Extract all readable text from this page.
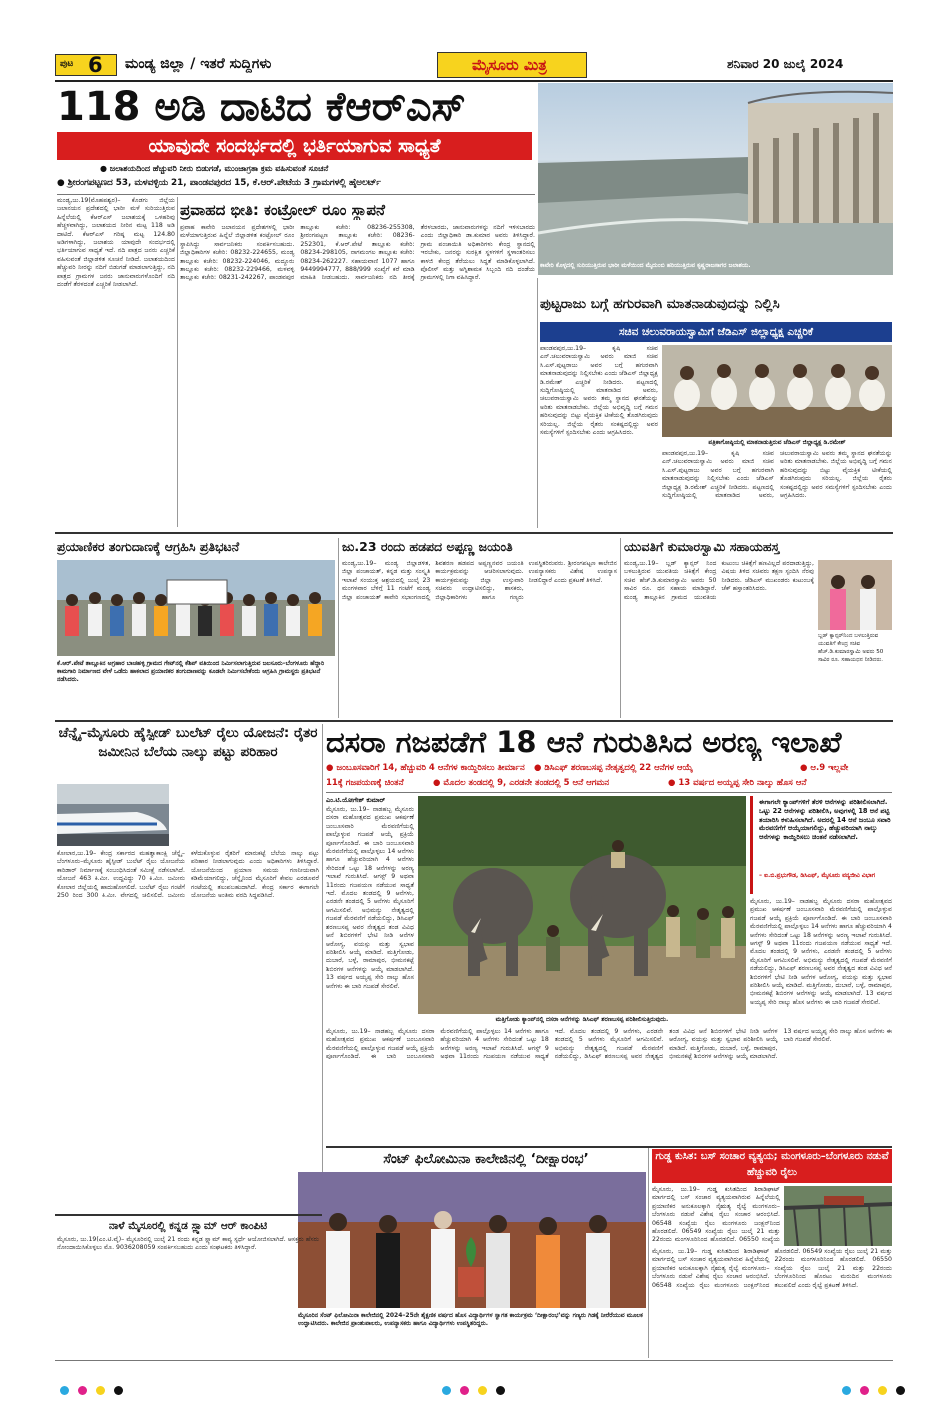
ಪುಟ 6 ಮಂಡ್ಯ ಜಿಲ್ಲಾ / ಇತರೆ ಸುದ್ದಿಗಳು	ಮೈಸೂರು ಮಿತ್ರ	ಶನಿವಾರ 20 ಜುಲೈ 2024
118 ಅಡಿ ದಾಟಿದ ಕೆಆರ್‌ಎಸ್
ಯಾವುದೇ ಸಂದರ್ಭದಲ್ಲಿ ಭರ್ತಿಯಾಗುವ ಸಾಧ್ಯತೆ
● ಜಲಾಶಯದಿಂದ ಹೆಚ್ಚುವರಿ ನೀರು ಬಿಡುಗಡೆ, ಮುಂಜಾಗ್ರತಾ ಕ್ರಮ ವಹಿಸುವಂತೆ ಸೂಚನೆ
● ಶ್ರೀರಂಗಪಟ್ಟಣದ 53, ಮಳವಳ್ಳಿಯ 21, ಪಾಂಡವಪುರದ 15, ಕೆ.ಆರ್.ಪೇಟೆಯ 3 ಗ್ರಾಮಗಳಲ್ಲಿ ಹೈಅಲರ್ಟ್
ಕಾವೇರಿ ಕೊಳ್ಳದಲ್ಲಿ ಸುರಿಯುತ್ತಿರುವ ಭಾರೀ ಮಳೆಯಿಂದ ಮೈದುಂಬಿ ಹರಿಯುತ್ತಿರುವ ಕೃಷ್ಣರಾಜಸಾಗರ ಜಲಾಶಯ.
ಮಂಡ್ಯ,ಜು.19(ಮೊಹಪಶ್ವರ)– ಕೊಡಗು ಜಿಲ್ಲೆಯ ಜಲಾನಯನ ಪ್ರದೇಶದಲ್ಲಿ ಭಾರೀ ಮಳೆ ಸುರಿಯುತ್ತಿರುವ ಹಿನ್ನೆಲೆಯಲ್ಲಿ ಕೆಆರ್‌ಎಸ್ ಜಲಾಶಯಕ್ಕೆ ಒಳಹರಿವು ಹೆಚ್ಚಳವಾಗಿದ್ದು, ಜಲಾಶಯದ ನೀರಿನ ಮಟ್ಟ 118 ಅಡಿ ದಾಟಿದೆ. ಕೆಆರ್‌ಎಸ್ ಗರಿಷ್ಠ ಮಟ್ಟ 124.80 ಅಡಿಗಳಾಗಿದ್ದು, ಜಲಾಶಯ ಯಾವುದೇ ಸಂದರ್ಭದಲ್ಲಿ ಭರ್ತಿಯಾಗುವ ಸಾಧ್ಯತೆ ಇದೆ. ನದಿ ಪಾತ್ರದ ಜನರು ಎಚ್ಚರಿಕೆ ವಹಿಸುವಂತೆ ಜಿಲ್ಲಾಡಳಿತ ಸೂಚನೆ ನೀಡಿದೆ. ಜಲಾಶಯದಿಂದ ಹೆಚ್ಚುವರಿ ನೀರನ್ನು ನದಿಗೆ ಬಿಡುಗಡೆ ಮಾಡಲಾಗುತ್ತಿದ್ದು, ನದಿ ಪಾತ್ರದ ಗ್ರಾಮಗಳ ಜನರು ಜಾನುವಾರುಗಳೊಂದಿಗೆ ನದಿ ದಂಡೆಗೆ ತೆರಳದಂತೆ ಎಚ್ಚರಿಕೆ ನೀಡಲಾಗಿದೆ.
ಪ್ರವಾಹದ ಭೀತಿ: ಕಂಟ್ರೋಲ್ ರೂಂ ಸ್ಥಾಪನೆ
ಪ್ರವಾಹ ಕಾವೇರಿ ಜಲಾನಯನ ಪ್ರದೇಶಗಳಲ್ಲಿ ಭಾರೀ ಮಳೆಯಾಗುತ್ತಿರುವ ಹಿನ್ನೆಲೆ ಜಿಲ್ಲಾಡಳಿತ ಕಂಟ್ರೋಲ್ ರೂಂ ಸ್ಥಾಪಿಸಿದ್ದು ಸಾರ್ವಜನಿಕರು ಸಂಪರ್ಕಿಸಬಹುದು. ಜಿಲ್ಲಾಧಿಕಾರಿಗಳ ಕಚೇರಿ: 08232-224655, ಮಂಡ್ಯ ತಾಲ್ಲೂಕು ಕಚೇರಿ: 08232-224046, ಮದ್ದೂರು ತಾಲ್ಲೂಕು ಕಚೇರಿ: 08232-229466, ಮಳವಳ್ಳಿ ತಾಲ್ಲೂಕು ಕಚೇರಿ: 08231-242267, ಪಾಂಡವಪುರ ತಾಲ್ಲೂಕು ಕಚೇರಿ: 08236-255308, ಶ್ರೀರಂಗಪಟ್ಟಣ ತಾಲ್ಲೂಕು ಕಚೇರಿ: 08236-252301, ಕೆ.ಆರ್.ಪೇಟೆ ತಾಲ್ಲೂಕು ಕಚೇರಿ: 08234-298105, ನಾಗಮಂಗಲ ತಾಲ್ಲೂಕು ಕಚೇರಿ: 08234-262227. ಸಹಾಯವಾಣಿ 1077 ಹಾಗೂ 9449994777, 888/999 ಸಂಖ್ಯೆಗೆ ಕರೆ ಮಾಡಿ ಮಾಹಿತಿ ನೀಡಬಹುದು. ಸಾರ್ವಜನಿಕರು ನದಿ ತೀರಕ್ಕೆ ತೆರಳಬಾರದು, ಜಾನುವಾರುಗಳನ್ನು ನದಿಗೆ ಇಳಿಸಬಾರದು ಎಂದು ಜಿಲ್ಲಾಧಿಕಾರಿ ಡಾ.ಕುಮಾರ ಅವರು ತಿಳಿಸಿದ್ದಾರೆ. ಗ್ರಾಮ ಪಂಚಾಯಿತಿ ಅಧಿಕಾರಿಗಳು ಕೇಂದ್ರ ಸ್ಥಾನದಲ್ಲಿ ಇರಬೇಕು, ಜನರನ್ನು ಸುರಕ್ಷಿತ ಸ್ಥಳಗಳಿಗೆ ಸ್ಥಳಾಂತರಿಸಲು ಕಾಳಜಿ ಕೇಂದ್ರ ತೆರೆಯಲು ಸಿದ್ಧತೆ ಮಾಡಿಕೊಳ್ಳಲಾಗಿದೆ. ಪೊಲೀಸ್ ಮತ್ತು ಅಗ್ನಿಶಾಮಕ ಸಿಬ್ಬಂದಿ ನದಿ ದಂಡೆಯ ಗ್ರಾಮಗಳಲ್ಲಿ ನಿಗಾ ವಹಿಸಿದ್ದಾರೆ.
ಪುಟ್ಟರಾಜು ಬಗ್ಗೆ ಹಗುರವಾಗಿ ಮಾತನಾಡುವುದನ್ನು ನಿಲ್ಲಿಸಿ
ಸಚಿವ ಚಲುವರಾಯಸ್ವಾಮಿಗೆ ಜೆಡಿಎಸ್ ಜಿಲ್ಲಾಧ್ಯಕ್ಷ ಎಚ್ಚರಿಕೆ
ಪಾಂಡವಪುರ,ಜು.19– ಕೃಷಿ ಸಚಿವ ಎನ್.ಚಲುವರಾಯಸ್ವಾಮಿ ಅವರು ಮಾಜಿ ಸಚಿವ ಸಿ.ಎಸ್.ಪುಟ್ಟರಾಜು ಅವರ ಬಗ್ಗೆ ಹಗುರವಾಗಿ ಮಾತನಾಡುವುದನ್ನು ನಿಲ್ಲಿಸಬೇಕು ಎಂದು ಜೆಡಿಎಸ್ ಜಿಲ್ಲಾಧ್ಯಕ್ಷ ಡಿ.ರಮೇಶ್ ಎಚ್ಚರಿಕೆ ನೀಡಿದರು. ಪಟ್ಟಣದಲ್ಲಿ ಸುದ್ದಿಗೋಷ್ಠಿಯಲ್ಲಿ ಮಾತನಾಡಿದ ಅವರು, ಚಲುವರಾಯಸ್ವಾಮಿ ಅವರು ತಮ್ಮ ಸ್ಥಾನದ ಘನತೆಯನ್ನು ಅರಿತು ಮಾತನಾಡಬೇಕು. ಜಿಲ್ಲೆಯ ಅಭಿವೃದ್ಧಿ ಬಗ್ಗೆ ಗಮನ ಹರಿಸುವುದನ್ನು ಬಿಟ್ಟು ವೈಯಕ್ತಿಕ ಟೀಕೆಯಲ್ಲಿ ತೊಡಗಿರುವುದು ಸರಿಯಲ್ಲ. ಜಿಲ್ಲೆಯ ರೈತರು ಸಂಕಷ್ಟದಲ್ಲಿದ್ದು ಅವರ ಸಮಸ್ಯೆಗಳಿಗೆ ಸ್ಪಂದಿಸಬೇಕು ಎಂದು ಆಗ್ರಹಿಸಿದರು.
ಪತ್ರಿಕಾಗೋಷ್ಠಿಯಲ್ಲಿ ಮಾತನಾಡುತ್ತಿರುವ ಜೆಡಿಎಸ್ ಜಿಲ್ಲಾಧ್ಯಕ್ಷ ಡಿ.ರಮೇಶ್
ಪಾಂಡವಪುರ,ಜು.19– ಕೃಷಿ ಸಚಿವ ಎನ್.ಚಲುವರಾಯಸ್ವಾಮಿ ಅವರು ಮಾಜಿ ಸಚಿವ ಸಿ.ಎಸ್.ಪುಟ್ಟರಾಜು ಅವರ ಬಗ್ಗೆ ಹಗುರವಾಗಿ ಮಾತನಾಡುವುದನ್ನು ನಿಲ್ಲಿಸಬೇಕು ಎಂದು ಜೆಡಿಎಸ್ ಜಿಲ್ಲಾಧ್ಯಕ್ಷ ಡಿ.ರಮೇಶ್ ಎಚ್ಚರಿಕೆ ನೀಡಿದರು. ಪಟ್ಟಣದಲ್ಲಿ ಸುದ್ದಿಗೋಷ್ಠಿಯಲ್ಲಿ ಮಾತನಾಡಿದ ಅವರು, ಚಲುವರಾಯಸ್ವಾಮಿ ಅವರು ತಮ್ಮ ಸ್ಥಾನದ ಘನತೆಯನ್ನು ಅರಿತು ಮಾತನಾಡಬೇಕು. ಜಿಲ್ಲೆಯ ಅಭಿವೃದ್ಧಿ ಬಗ್ಗೆ ಗಮನ ಹರಿಸುವುದನ್ನು ಬಿಟ್ಟು ವೈಯಕ್ತಿಕ ಟೀಕೆಯಲ್ಲಿ ತೊಡಗಿರುವುದು ಸರಿಯಲ್ಲ. ಜಿಲ್ಲೆಯ ರೈತರು ಸಂಕಷ್ಟದಲ್ಲಿದ್ದು ಅವರ ಸಮಸ್ಯೆಗಳಿಗೆ ಸ್ಪಂದಿಸಬೇಕು ಎಂದು ಆಗ್ರಹಿಸಿದರು.
ಪ್ರಯಾಣಿಕರ ತಂಗುದಾಣಕ್ಕೆ ಆಗ್ರಹಿಸಿ ಪ್ರತಿಭಟನೆ
ಕೆ.ಆರ್.ಪೇಟೆ ತಾಲ್ಲೂಕಿನ ಅಗ್ರಹಾರ ಬಾಚಹಳ್ಳಿ ಗ್ರಾಮದ ಗೇಟ್‌ನಲ್ಲಿ ಕೆಶಿಪ್ ವತಿಯಿಂದ ನಿರ್ಮಿಸಲಾಗುತ್ತಿರುವ ಜಲಸೂರು–ಬೆಂಗಳೂರು ಹೆದ್ದಾರಿ ಕಾಮಗಾರಿ ನಿರ್ಮಾಣದ ವೇಳೆ ಒಡೆದು ಹಾಕಲಾದ ಪ್ರಯಾಣಿಕರ ತಂಗುದಾಣವನ್ನು ಕೂಡಲೇ ನಿರ್ಮಿಸಬೇಕೆಂದು ಆಗ್ರಹಿಸಿ ಗ್ರಾಮಸ್ಥರು ಪ್ರತಿಭಟನೆ ನಡೆಸಿದರು.
ಜು.23 ರಂದು ಹಡಪದ ಅಪ್ಪಣ್ಣ ಜಯಂತಿ
ಮಂಡ್ಯ,ಜು.19– ಮಂಡ್ಯ ಜಿಲ್ಲಾಡಳಿತ, ಜಿಲ್ಲಾ ಪಂಚಾಯತ್, ಕನ್ನಡ ಮತ್ತು ಸಂಸ್ಕೃತಿ ಇಲಾಖೆ ಸಂಯುಕ್ತ ಆಶ್ರಯದಲ್ಲಿ ಜುಲೈ 23 ಮಂಗಳವಾರ ಬೆಳಿಗ್ಗೆ 11 ಗಂಟೆಗೆ ಮಂಡ್ಯ ಜಿಲ್ಲಾ ಪಂಚಾಯತ್ ಕಾವೇರಿ ಸಭಾಂಗಣದಲ್ಲಿ ಶಿವಶರಣ ಹಡಪದ ಅಪ್ಪಣ್ಣನವರ ಜಯಂತಿ ಕಾರ್ಯಕ್ರಮವನ್ನು ಆಚರಿಸಲಾಗುವುದು. ಕಾರ್ಯಕ್ರಮವನ್ನು ಜಿಲ್ಲಾ ಉಸ್ತುವಾರಿ ಸಚಿವರು ಉದ್ಘಾಟಿಸಲಿದ್ದು, ಶಾಸಕರು, ಜಿಲ್ಲಾಧಿಕಾರಿಗಳು ಹಾಗೂ ಗಣ್ಯರು ಉಪಸ್ಥಿತರಿರುವರು. ಶ್ರೀರಂಗಪಟ್ಟಣ ಕಾಲೇಜಿನ ಉಪನ್ಯಾಸಕರು ವಿಶೇಷ ಉಪನ್ಯಾಸ ನೀಡಲಿದ್ದಾರೆ ಎಂದು ಪ್ರಕಟಣೆ ತಿಳಿಸಿದೆ.
ಯುವತಿಗೆ ಕುಮಾರಸ್ವಾಮಿ ಸಹಾಯಹಸ್ತ
ಮಂಡ್ಯ,ಜು.19– ಬ್ಲಡ್ ಕ್ಯಾನ್ಸರ್ ನಿಂದ ಬಳಲುತ್ತಿರುವ ಯುವತಿಯ ಚಿಕಿತ್ಸೆಗೆ ಕೇಂದ್ರ ಸಚಿವ ಹೆಚ್.ಡಿ.ಕುಮಾರಸ್ವಾಮಿ ಅವರು 50 ಸಾವಿರ ರೂ. ಧನ ಸಹಾಯ ಮಾಡಿದ್ದಾರೆ. ಮಂಡ್ಯ ತಾಲ್ಲೂಕಿನ ಗ್ರಾಮದ ಯುವತಿಯ ಕುಟುಂಬ ಚಿಕಿತ್ಸೆಗೆ ಹಣವಿಲ್ಲದೆ ಪರದಾಡುತ್ತಿದ್ದು, ವಿಷಯ ತಿಳಿದ ಸಚಿವರು ತಕ್ಷಣ ಸ್ಪಂದಿಸಿ ನೆರವು ನೀಡಿದರು. ಜೆಡಿಎಸ್ ಮುಖಂಡರು ಕುಟುಂಬಕ್ಕೆ ಚೆಕ್ ಹಸ್ತಾಂತರಿಸಿದರು.
ಬ್ಲಡ್ ಕ್ಯಾನ್ಸರ್‌ನಿಂದ ಬಳಲುತ್ತಿರುವ ಯುವತಿಗೆ ಕೇಂದ್ರ ಸಚಿವ ಹೆಚ್.ಡಿ.ಕುಮಾರಸ್ವಾಮಿ ಅವರು 50 ಸಾವಿರ ರೂ. ಸಹಾಯಧನ ನೀಡಿದರು.
ಚೆನ್ನೈ–ಮೈಸೂರು ಹೈಸ್ಪೀಡ್ ಬುಲೆಟ್ ರೈಲು ಯೋಜನೆ: ರೈತರ ಜಮೀನಿನ ಬೆಲೆಯ ನಾಲ್ಕು ಪಟ್ಟು ಪರಿಹಾರ
ಕೋಲಾರ,ಜು.19– ಕೇಂದ್ರ ಸರ್ಕಾರದ ಮಹತ್ವಾಕಾಂಕ್ಷಿ ಚೆನ್ನೈ–ಬೆಂಗಳೂರು–ಮೈಸೂರು ಹೈಸ್ಪೀಡ್ ಬುಲೆಟ್ ರೈಲು ಯೋಜನೆಯ ಕಾರಿಡಾರ್ ನಿರ್ಮಾಣಕ್ಕೆ ಸಂಬಂಧಿಸಿದಂತೆ ಸಮೀಕ್ಷೆ ನಡೆಸಲಾಗಿದೆ. ಯೋಜನೆ 463 ಕಿ.ಮೀ. ಉದ್ದವಿದ್ದು 70 ಕಿ.ಮೀ. ಜಮೀನು ಕೋಲಾರ ಜಿಲ್ಲೆಯಲ್ಲಿ ಹಾದುಹೋಗಲಿದೆ. ಬುಲೆಟ್ ರೈಲು ಗಂಟೆಗೆ 250 ರಿಂದ 300 ಕಿ.ಮೀ. ವೇಗದಲ್ಲಿ ಚಲಿಸಲಿದೆ. ಜಮೀನು ಕಳೆದುಕೊಳ್ಳುವ ರೈತರಿಗೆ ಮಾರುಕಟ್ಟೆ ಬೆಲೆಯ ನಾಲ್ಕು ಪಟ್ಟು ಪರಿಹಾರ ನೀಡಲಾಗುವುದು ಎಂದು ಅಧಿಕಾರಿಗಳು ತಿಳಿಸಿದ್ದಾರೆ. ಯೋಜನೆಯಿಂದ ಪ್ರಯಾಣ ಸಮಯ ಗಣನೀಯವಾಗಿ ಕಡಿಮೆಯಾಗಲಿದ್ದು, ಚೆನ್ನೈನಿಂದ ಮೈಸೂರಿಗೆ ಕೇವಲ ಎರಡೂವರೆ ಗಂಟೆಯಲ್ಲಿ ತಲುಪಬಹುದಾಗಿದೆ. ಕೇಂದ್ರ ಸರ್ಕಾರ ಈಗಾಗಲೇ ಯೋಜನೆಯ ಅಂತಿಮ ವರದಿ ಸಿದ್ಧಪಡಿಸಿದೆ.
ದಸರಾ ಗಜಪಡೆಗೆ 18 ಆನೆ ಗುರುತಿಸಿದ ಅರಣ್ಯ ಇಲಾಖೆ
● ಜಂಬೂಸವಾರಿಗೆ 14, ಹೆಚ್ಚುವರಿ 4 ಆನೆಗಳ ಕಾಯ್ದಿರಿಸಲು ತೀರ್ಮಾನ	● ಡಿಸಿಎಫ್ ಶರಣಬಸಪ್ಪ ನೇತೃತ್ವದಲ್ಲಿ 22 ಆನೆಗಳ ಆಯ್ಕೆ	● ಆ.9 ಇಲ್ಲವೇ
11ಕ್ಕೆ ಗಜಪಯಣಕ್ಕೆ ಚಿಂತನೆ	● ಮೊದಲ ತಂಡದಲ್ಲಿ 9, ಎರಡನೇ ತಂಡದಲ್ಲಿ 5 ಆನೆ ಆಗಮನ	● 13 ವರ್ಷದ ಅಯ್ಯಪ್ಪ ಸೇರಿ ನಾಲ್ಕು ಹೊಸ ಆನೆ
ಎಂ.ಟಿ.ಯೋಗೇಶ್ ಕುಮಾರ್
ಮೈಸೂರು, ಜು.19– ನಾಡಹಬ್ಬ ಮೈಸೂರು ದಸರಾ ಮಹೋತ್ಸವದ ಪ್ರಮುಖ ಆಕರ್ಷಣೆ ಜಂಬೂಸವಾರಿ ಮೆರವಣಿಗೆಯಲ್ಲಿ ಪಾಲ್ಗೊಳ್ಳುವ ಗಜಪಡೆ ಆಯ್ಕೆ ಪ್ರಕ್ರಿಯೆ ಪೂರ್ಣಗೊಂಡಿದೆ. ಈ ಬಾರಿ ಜಂಬೂಸವಾರಿ ಮೆರವಣಿಗೆಯಲ್ಲಿ ಪಾಲ್ಗೊಳ್ಳಲು 14 ಆನೆಗಳು ಹಾಗೂ ಹೆಚ್ಚುವರಿಯಾಗಿ 4 ಆನೆಗಳು ಸೇರಿದಂತೆ ಒಟ್ಟು 18 ಆನೆಗಳನ್ನು ಅರಣ್ಯ ಇಲಾಖೆ ಗುರುತಿಸಿದೆ. ಆಗಸ್ಟ್ 9 ಅಥವಾ 11ರಂದು ಗಜಪಯಣ ನಡೆಯುವ ಸಾಧ್ಯತೆ ಇದೆ. ಮೊದಲ ತಂಡದಲ್ಲಿ 9 ಆನೆಗಳು, ಎರಡನೇ ತಂಡದಲ್ಲಿ 5 ಆನೆಗಳು ಮೈಸೂರಿಗೆ ಆಗಮಿಸಲಿವೆ. ಅಭಿಮನ್ಯು ನೇತೃತ್ವದಲ್ಲಿ ಗಜಪಡೆ ಮೆರವಣಿಗೆ ನಡೆಯಲಿದ್ದು, ಡಿಸಿಎಫ್ ಶರಣಬಸಪ್ಪ ಅವರ ನೇತೃತ್ವದ ತಂಡ ವಿವಿಧ ಆನೆ ಶಿಬಿರಗಳಿಗೆ ಭೇಟಿ ನೀಡಿ ಆನೆಗಳ ಆರೋಗ್ಯ, ವಯಸ್ಸು ಮತ್ತು ಸ್ವಭಾವ ಪರಿಶೀಲಿಸಿ ಆಯ್ಕೆ ಮಾಡಿದೆ. ಮತ್ತಿಗೋಡು, ದುಬಾರೆ, ಬಳ್ಳೆ, ರಾಮಾಪುರ, ಭೀಮನಕಟ್ಟೆ ಶಿಬಿರಗಳ ಆನೆಗಳನ್ನು ಆಯ್ಕೆ ಮಾಡಲಾಗಿದೆ. 13 ವರ್ಷದ ಅಯ್ಯಪ್ಪ ಸೇರಿ ನಾಲ್ಕು ಹೊಸ ಆನೆಗಳು ಈ ಬಾರಿ ಗಜಪಡೆ ಸೇರಲಿವೆ.
ಮತ್ತಿಗೋಡು ಕ್ಯಾಂಪ್‌ನಲ್ಲಿ ದಸರಾ ಆನೆಗಳನ್ನು ಡಿಸಿಎಫ್ ಶರಣಬಸಪ್ಪ ಪರಿಶೀಲಿಸುತ್ತಿರುವುದು.
ಈಗಾಗಲೇ ಕ್ಯಾಂಪ್‌ಗಳಿಗೆ ತೆರಳಿ ಆನೆಗಳನ್ನು ಪರಿಶೀಲಿಸಲಾಗಿದೆ. ಒಟ್ಟು 22 ಆನೆಗಳನ್ನು ಪರಿಶೀಲಿಸಿ, ಅವುಗಳಲ್ಲಿ 18 ಆನೆ ಪಟ್ಟಿ ತಯಾರಿಸಿ ಕಳುಹಿಸಲಾಗಿದೆ. ಅದರಲ್ಲಿ 14 ಆನೆ ಜಂಬೂ ಸವಾರಿ ಮೆರವಣಿಗೆಗೆ ಆಯ್ಕೆಯಾಗಲಿದ್ದು, ಹೆಚ್ಚುವರಿಯಾಗಿ ನಾಲ್ಕು ಆನೆಗಳನ್ನು ಕಾಯ್ದಿರಿಸಲು ಚಿಂತನೆ ನಡೆಸಲಾಗಿದೆ.
– ಐ.ಬಿ.ಪ್ರಭುಗೌಡ, ಡಿಸಿಎಫ್, ಮೈಸೂರು ವನ್ಯಜೀವಿ ವಿಭಾಗ
ಮೈಸೂರು, ಜು.19– ನಾಡಹಬ್ಬ ಮೈಸೂರು ದಸರಾ ಮಹೋತ್ಸವದ ಪ್ರಮುಖ ಆಕರ್ಷಣೆ ಜಂಬೂಸವಾರಿ ಮೆರವಣಿಗೆಯಲ್ಲಿ ಪಾಲ್ಗೊಳ್ಳುವ ಗಜಪಡೆ ಆಯ್ಕೆ ಪ್ರಕ್ರಿಯೆ ಪೂರ್ಣಗೊಂಡಿದೆ. ಈ ಬಾರಿ ಜಂಬೂಸವಾರಿ ಮೆರವಣಿಗೆಯಲ್ಲಿ ಪಾಲ್ಗೊಳ್ಳಲು 14 ಆನೆಗಳು ಹಾಗೂ ಹೆಚ್ಚುವರಿಯಾಗಿ 4 ಆನೆಗಳು ಸೇರಿದಂತೆ ಒಟ್ಟು 18 ಆನೆಗಳನ್ನು ಅರಣ್ಯ ಇಲಾಖೆ ಗುರುತಿಸಿದೆ. ಆಗಸ್ಟ್ 9 ಅಥವಾ 11ರಂದು ಗಜಪಯಣ ನಡೆಯುವ ಸಾಧ್ಯತೆ ಇದೆ. ಮೊದಲ ತಂಡದಲ್ಲಿ 9 ಆನೆಗಳು, ಎರಡನೇ ತಂಡದಲ್ಲಿ 5 ಆನೆಗಳು ಮೈಸೂರಿಗೆ ಆಗಮಿಸಲಿವೆ. ಅಭಿಮನ್ಯು ನೇತೃತ್ವದಲ್ಲಿ ಗಜಪಡೆ ಮೆರವಣಿಗೆ ನಡೆಯಲಿದ್ದು, ಡಿಸಿಎಫ್ ಶರಣಬಸಪ್ಪ ಅವರ ನೇತೃತ್ವದ ತಂಡ ವಿವಿಧ ಆನೆ ಶಿಬಿರಗಳಿಗೆ ಭೇಟಿ ನೀಡಿ ಆನೆಗಳ ಆರೋಗ್ಯ, ವಯಸ್ಸು ಮತ್ತು ಸ್ವಭಾವ ಪರಿಶೀಲಿಸಿ ಆಯ್ಕೆ ಮಾಡಿದೆ. ಮತ್ತಿಗೋಡು, ದುಬಾರೆ, ಬಳ್ಳೆ, ರಾಮಾಪುರ, ಭೀಮನಕಟ್ಟೆ ಶಿಬಿರಗಳ ಆನೆಗಳನ್ನು ಆಯ್ಕೆ ಮಾಡಲಾಗಿದೆ. 13 ವರ್ಷದ ಅಯ್ಯಪ್ಪ ಸೇರಿ ನಾಲ್ಕು ಹೊಸ ಆನೆಗಳು ಈ ಬಾರಿ ಗಜಪಡೆ ಸೇರಲಿವೆ.
ಮೈಸೂರು, ಜು.19– ನಾಡಹಬ್ಬ ಮೈಸೂರು ದಸರಾ ಮಹೋತ್ಸವದ ಪ್ರಮುಖ ಆಕರ್ಷಣೆ ಜಂಬೂಸವಾರಿ ಮೆರವಣಿಗೆಯಲ್ಲಿ ಪಾಲ್ಗೊಳ್ಳುವ ಗಜಪಡೆ ಆಯ್ಕೆ ಪ್ರಕ್ರಿಯೆ ಪೂರ್ಣಗೊಂಡಿದೆ. ಈ ಬಾರಿ ಜಂಬೂಸವಾರಿ ಮೆರವಣಿಗೆಯಲ್ಲಿ ಪಾಲ್ಗೊಳ್ಳಲು 14 ಆನೆಗಳು ಹಾಗೂ ಹೆಚ್ಚುವರಿಯಾಗಿ 4 ಆನೆಗಳು ಸೇರಿದಂತೆ ಒಟ್ಟು 18 ಆನೆಗಳನ್ನು ಅರಣ್ಯ ಇಲಾಖೆ ಗುರುತಿಸಿದೆ. ಆಗಸ್ಟ್ 9 ಅಥವಾ 11ರಂದು ಗಜಪಯಣ ನಡೆಯುವ ಸಾಧ್ಯತೆ ಇದೆ. ಮೊದಲ ತಂಡದಲ್ಲಿ 9 ಆನೆಗಳು, ಎರಡನೇ ತಂಡದಲ್ಲಿ 5 ಆನೆಗಳು ಮೈಸೂರಿಗೆ ಆಗಮಿಸಲಿವೆ. ಅಭಿಮನ್ಯು ನೇತೃತ್ವದಲ್ಲಿ ಗಜಪಡೆ ಮೆರವಣಿಗೆ ನಡೆಯಲಿದ್ದು, ಡಿಸಿಎಫ್ ಶರಣಬಸಪ್ಪ ಅವರ ನೇತೃತ್ವದ ತಂಡ ವಿವಿಧ ಆನೆ ಶಿಬಿರಗಳಿಗೆ ಭೇಟಿ ನೀಡಿ ಆನೆಗಳ ಆರೋಗ್ಯ, ವಯಸ್ಸು ಮತ್ತು ಸ್ವಭಾವ ಪರಿಶೀಲಿಸಿ ಆಯ್ಕೆ ಮಾಡಿದೆ. ಮತ್ತಿಗೋಡು, ದುಬಾರೆ, ಬಳ್ಳೆ, ರಾಮಾಪುರ, ಭೀಮನಕಟ್ಟೆ ಶಿಬಿರಗಳ ಆನೆಗಳನ್ನು ಆಯ್ಕೆ ಮಾಡಲಾಗಿದೆ. 13 ವರ್ಷದ ಅಯ್ಯಪ್ಪ ಸೇರಿ ನಾಲ್ಕು ಹೊಸ ಆನೆಗಳು ಈ ಬಾರಿ ಗಜಪಡೆ ಸೇರಲಿವೆ.
ಸೆಂಟ್ ಫಿಲೋಮಿನಾ ಕಾಲೇಜಿನಲ್ಲಿ ‘ದೀಕ್ಷಾರಂಭ’
ಮೈಸೂರಿನ ಸೆಂಟ್ ಫಿಲೋಮಿನಾ ಕಾಲೇಜಿನಲ್ಲಿ 2024–25ನೇ ಶೈಕ್ಷಣಿಕ ವರ್ಷದ ಹೊಸ ವಿದ್ಯಾರ್ಥಿಗಳ ಸ್ವಾಗತ ಕಾರ್ಯಕ್ರಮ ‘ದೀಕ್ಷಾರಂಭ’ವನ್ನು ಗಣ್ಯರು ಗಿಡಕ್ಕೆ ನೀರೆರೆಯುವ ಮೂಲಕ ಉದ್ಘಾಟಿಸಿದರು. ಕಾಲೇಜಿನ ಪ್ರಾಂಶುಪಾಲರು, ಉಪನ್ಯಾಸಕರು ಹಾಗೂ ವಿದ್ಯಾರ್ಥಿಗಳು ಉಪಸ್ಥಿತರಿದ್ದರು.
ಗುಡ್ಡ ಕುಸಿತ: ಬಸ್ ಸಂಚಾರ ವ್ಯತ್ಯಯ; ಮಂಗಳೂರು–ಬೆಂಗಳೂರು ನಡುವೆ ಹೆಚ್ಚುವರಿ ರೈಲು
ಮೈಸೂರು, ಜು.19– ಗುಡ್ಡ ಕುಸಿತದಿಂದ ಶಿರಾಡಿಘಾಟ್ ಮಾರ್ಗದಲ್ಲಿ ಬಸ್ ಸಂಚಾರ ವ್ಯತ್ಯಯವಾಗಿರುವ ಹಿನ್ನೆಲೆಯಲ್ಲಿ ಪ್ರಯಾಣಿಕರ ಅನುಕೂಲಕ್ಕಾಗಿ ನೈಋತ್ಯ ರೈಲ್ವೆ ಮಂಗಳೂರು–ಬೆಂಗಳೂರು ನಡುವೆ ವಿಶೇಷ ರೈಲು ಸಂಚಾರ ಆರಂಭಿಸಿದೆ. 06548 ಸಂಖ್ಯೆಯ ರೈಲು ಮಂಗಳೂರು ಜಂಕ್ಷನ್‌ನಿಂದ ಹೊರಡಲಿದೆ. 06549 ಸಂಖ್ಯೆಯ ರೈಲು ಜುಲೈ 21 ಮತ್ತು 22ರಂದು ಮಂಗಳೂರಿನಿಂದ ಹೊರಡಲಿದೆ. 06550 ಸಂಖ್ಯೆಯ
ಮೈಸೂರು, ಜು.19– ಗುಡ್ಡ ಕುಸಿತದಿಂದ ಶಿರಾಡಿಘಾಟ್ ಮಾರ್ಗದಲ್ಲಿ ಬಸ್ ಸಂಚಾರ ವ್ಯತ್ಯಯವಾಗಿರುವ ಹಿನ್ನೆಲೆಯಲ್ಲಿ ಪ್ರಯಾಣಿಕರ ಅನುಕೂಲಕ್ಕಾಗಿ ನೈಋತ್ಯ ರೈಲ್ವೆ ಮಂಗಳೂರು–ಬೆಂಗಳೂರು ನಡುವೆ ವಿಶೇಷ ರೈಲು ಸಂಚಾರ ಆರಂಭಿಸಿದೆ. 06548 ಸಂಖ್ಯೆಯ ರೈಲು ಮಂಗಳೂರು ಜಂಕ್ಷನ್‌ನಿಂದ ಹೊರಡಲಿದೆ. 06549 ಸಂಖ್ಯೆಯ ರೈಲು ಜುಲೈ 21 ಮತ್ತು 22ರಂದು ಮಂಗಳೂರಿನಿಂದ ಹೊರಡಲಿದೆ. 06550 ಸಂಖ್ಯೆಯ ರೈಲು ಜುಲೈ 21 ಮತ್ತು 22ರಂದು ಬೆಂಗಳೂರಿನಿಂದ ಹೊರಟು ಮರುದಿನ ಮಂಗಳೂರು ತಲುಪಲಿದೆ ಎಂದು ರೈಲ್ವೆ ಪ್ರಕಟಣೆ ತಿಳಿಸಿದೆ.
ನಾಳೆ ಮೈಸೂರಲ್ಲಿ ಕನ್ನಡ ಸ್ಲ್ಯಾಮ್ ಆರ್ ಕಾಂಪಿಟಿ
ಮೈಸೂರು, ಜು.19(ಎಂ.ಟಿ.ವೈ)– ಮೈಸೂರಿನಲ್ಲಿ ಜುಲೈ 21 ರಂದು ಕನ್ನಡ ಸ್ಲ್ಯಾಮ್ ಕಾವ್ಯ ಸ್ಪರ್ಧೆ ಆಯೋಜಿಸಲಾಗಿದೆ. ಆಸಕ್ತರು ಹೆಸರು ನೋಂದಾಯಿಸಿಕೊಳ್ಳಲು ಮೊ. 9036208059 ಸಂಪರ್ಕಿಸಬಹುದು ಎಂದು ಸಂಘಟಕರು ತಿಳಿಸಿದ್ದಾರೆ.
